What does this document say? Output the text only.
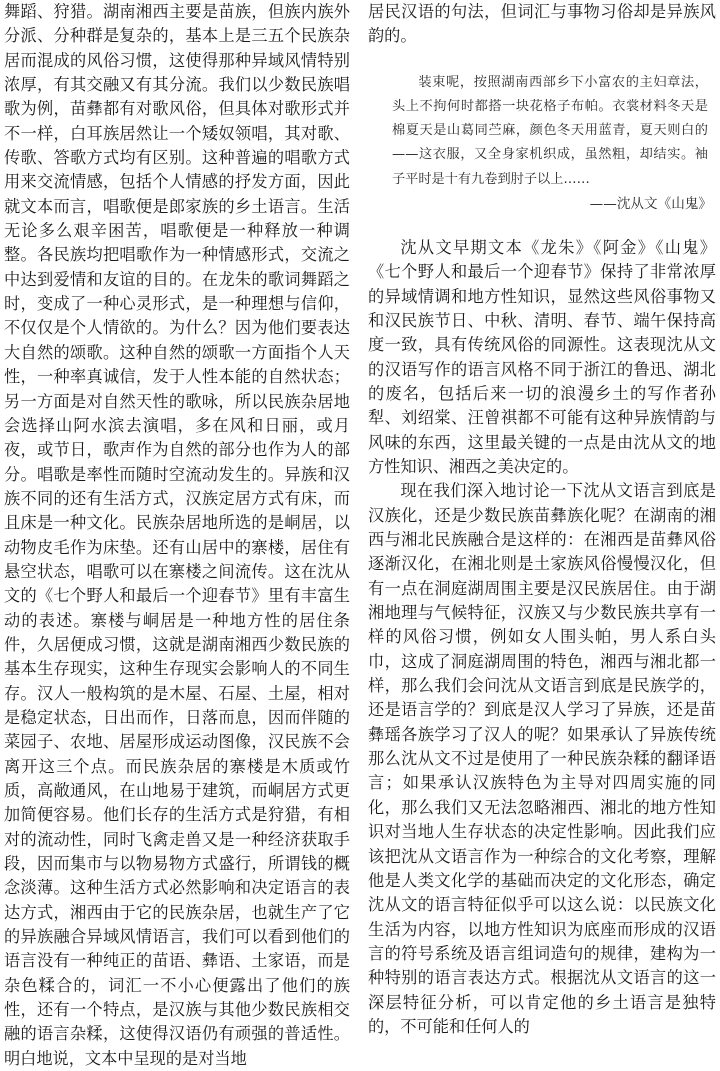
舞蹈、狩猎。湖南湘西主要是苗族，但族内族外分派、分种群是复杂的，基本上是三五个民族杂居而混成的风俗习惯，这使得那种异域风情特别浓厚，有其交融又有其分流。我们以少数民族唱歌为例，苗彝都有对歌风俗，但具体对歌形式并不一样，白耳族居然让一个矮奴领唱，其对歌、传歌、答歌方式均有区别。这种普遍的唱歌方式用来交流情感，包括个人情感的抒发方面，因此就文本而言，唱歌便是郎家族的乡土语言。生活无论多么艰辛困苦，唱歌便是一种释放一种调整。各民族均把唱歌作为一种情感形式，交流之中达到爱情和友谊的目的。在龙朱的歌词舞蹈之时，变成了一种心灵形式，是一种理想与信仰，不仅仅是个人情欲的。为什么？因为他们要表达大自然的颂歌。这种自然的颂歌一方面指个人天性，一种率真诚信，发于人性本能的自然状态；另一方面是对自然天性的歌咏，所以民族杂居地会选择山阿水滨去演唱，多在风和日丽，或月夜，或节日，歌声作为自然的部分也作为人的部分。唱歌是率性而随时空流动发生的。异族和汉族不同的还有生活方式，汉族定居方式有床，而且床是一种文化。民族杂居地所选的是峒居，以动物皮毛作为床垫。还有山居中的寨楼，居住有悬空状态，唱歌可以在寨楼之间流传。这在沈从文的《七个野人和最后一个迎春节》里有丰富生动的表述。寨楼与峒居是一种地方性的居住条件，久居便成习惯，这就是湖南湘西少数民族的基本生存现实，这种生存现实会影响人的不同生存。汉人一般构筑的是木屋、石屋、土屋，相对是稳定状态，日出而作，日落而息，因而伴随的菜园子、农地、居屋形成运动图像，汉民族不会离开这三个点。而民族杂居的寨楼是木质或竹质，高敞通风，在山地易于建筑，而峒居方式更加简便容易。他们长存的生活方式是狩猎，有相对的流动性，同时飞禽走兽又是一种经济获取手段，因而集市与以物易物方式盛行，所谓钱的概念淡薄。这种生活方式必然影响和决定语言的表达方式，湘西由于它的民族杂居，也就生产了它的异族融合异域风情语言，我们可以看到他们的语言没有一种纯正的苗语、彝语、土家语，而是杂色糅合的，词汇一不小心便露出了他们的族性，还有一个特点，是汉族与其他少数民族相交融的语言杂糅，这使得汉语仍有顽强的普适性。明白地说，文本中呈现的是对当地

居民汉语的句法，但词汇与事物习俗却是异族风韵的。

装束呢，按照湖南西部乡下小富农的主妇章法，头上不拘何时都搭一块花格子布帕。衣裳材料冬天是棉夏天是山葛同苎麻，颜色冬天用蓝青，夏天则白的——这衣服，又全身家机织成，虽然粗，却结实。袖子平时是十有九卷到肘子以上……

——沈从文《山鬼》

沈从文早期文本《龙朱》《阿金》《山鬼》《七个野人和最后一个迎春节》保持了非常浓厚的异域情调和地方性知识，显然这些风俗事物又和汉民族节日、中秋、清明、春节、端午保持高度一致，具有传统风俗的同源性。这表现沈从文的汉语写作的语言风格不同于浙江的鲁迅、湖北的废名，包括后来一切的浪漫乡土的写作者孙犁、刘绍棠、汪曾祺都不可能有这种异族情韵与风味的东西，这里最关键的一点是由沈从文的地方性知识、湘西之美决定的。

现在我们深入地讨论一下沈从文语言到底是汉族化，还是少数民族苗彝族化呢？在湖南的湘西与湘北民族融合是这样的：在湘西是苗彝风俗逐渐汉化，在湘北则是土家族风俗慢慢汉化，但有一点在洞庭湖周围主要是汉民族居住。由于湖湘地理与气候特征，汉族又与少数民族共享有一样的风俗习惯，例如女人围头帕，男人系白头巾，这成了洞庭湖周围的特色，湘西与湘北都一样，那么我们会问沈从文语言到底是民族学的，还是语言学的？到底是汉人学习了异族，还是苗彝瑶各族学习了汉人的呢？如果承认了异族传统那么沈从文不过是使用了一种民族杂糅的翻译语言；如果承认汉族特色为主导对四周实施的同化，那么我们又无法忽略湘西、湘北的地方性知识对当地人生存状态的决定性影响。因此我们应该把沈从文语言作为一种综合的文化考察，理解他是人类文化学的基础而决定的文化形态，确定沈从文的语言特征似乎可以这么说：以民族文化生活为内容，以地方性知识为底座而形成的汉语言的符号系统及语言组词造句的规律，建构为一种特别的语言表达方式。根据沈从文语言的这一深层特征分析，可以肯定他的乡土语言是独特的，不可能和任何人的
